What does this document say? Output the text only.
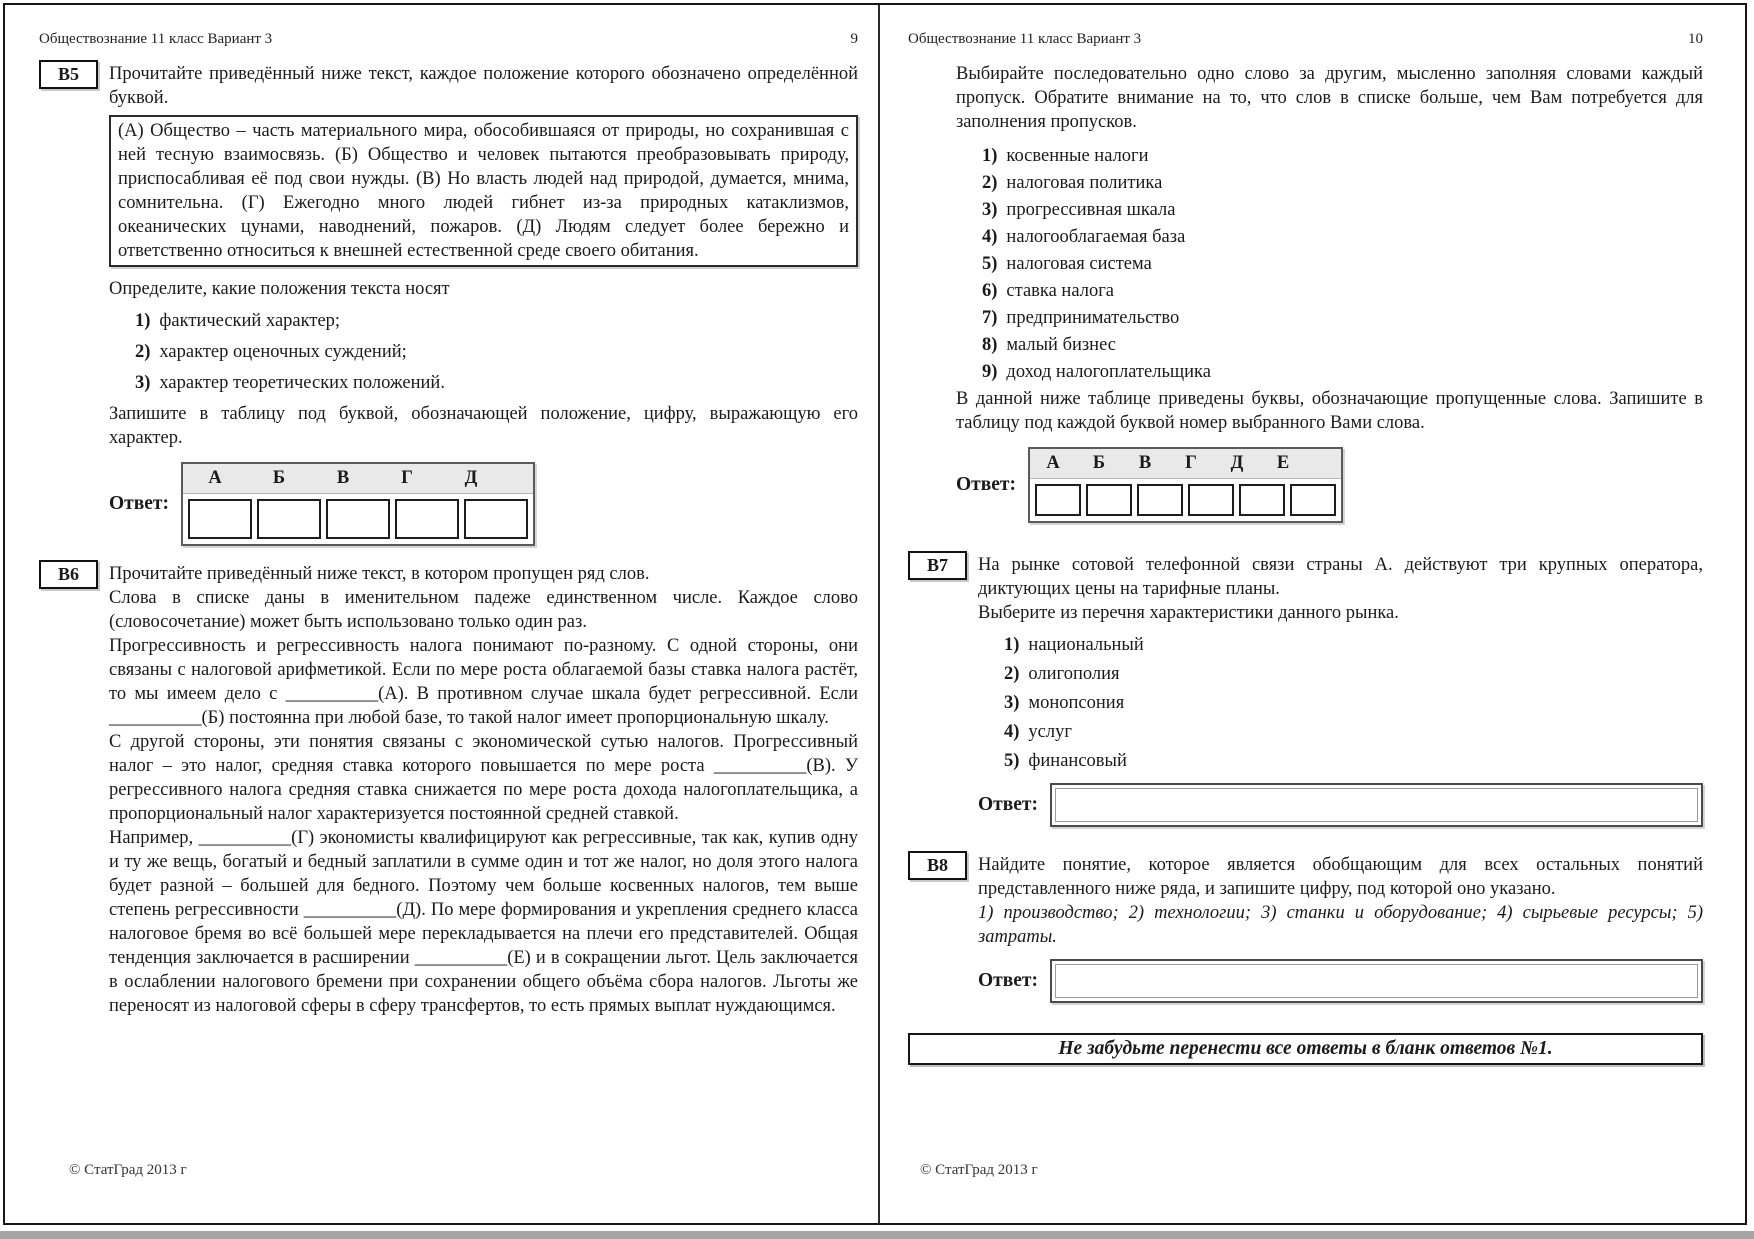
Обществознание 11 класс Вариант 3	9
В5	Прочитайте приведённый ниже текст, каждое положение которого обозначено определённой буквой.

(А) Общество – часть материального мира, обособившаяся от природы, но сохранившая с ней тесную взаимосвязь. (Б) Общество и человек пытаются преобразовывать природу, приспосабливая её под свои нужды. (В) Но власть людей над природой, думается, мнима, сомнительна. (Г) Ежегодно много людей гибнет из-за природных катаклизмов, океанических цунами, наводнений, пожаров. (Д) Людям следует более бережно и ответственно относиться к внешней естественной среде своего обитания.

Определите, какие положения текста носят

1) фактический характер;
2) характер оценочных суждений;
3) характер теоретических положений.

Запишите в таблицу под буквой, обозначающей положение, цифру, выражающую его характер.

Ответ:
А	Б	В	Г	Д
В6	Прочитайте приведённый ниже текст, в котором пропущен ряд слов.

Слова в списке даны в именительном падеже единственном числе. Каждое слово (словосочетание) может быть использовано только один раз.

Прогрессивность и регрессивность налога понимают по-разному. С одной стороны, они связаны с налоговой арифметикой. Если по мере роста облагаемой базы ставка налога растёт, то мы имеем дело с __________(А). В противном случае шкала будет регрессивной. Если __________(Б) постоянна при любой базе, то такой налог имеет пропорциональную шкалу.

С другой стороны, эти понятия связаны с экономической сутью налогов. Прогрессивный налог – это налог, средняя ставка которого повышается по мере роста __________(В). У регрессивного налога средняя ставка снижается по мере роста дохода налогоплательщика, а пропорциональный налог характеризуется постоянной средней ставкой.

Например, __________(Г) экономисты квалифицируют как регрессивные, так как, купив одну и ту же вещь, богатый и бедный заплатили в сумме один и тот же налог, но доля этого налога будет разной – большей для бедного. Поэтому чем больше косвенных налогов, тем выше степень регрессивности __________(Д). По мере формирования и укрепления среднего класса налоговое бремя во всё большей мере перекладывается на плечи его представителей. Общая тенденция заключается в расширении __________(Е) и в сокращении льгот. Цель заключается в ослаблении налогового бремени при сохранении общего объёма сбора налогов. Льготы же переносят из налоговой сферы в сферу трансфертов, то есть прямых выплат нуждающимся.

© СтатГрад 2013 г
Обществознание 11 класс Вариант 3	10

Выбирайте последовательно одно слово за другим, мысленно заполняя словами каждый пропуск. Обратите внимание на то, что слов в списке больше, чем Вам потребуется для заполнения пропусков.

1) косвенные налоги
2) налоговая политика
3) прогрессивная шкала
4) налогооблагаемая база
5) налоговая система
6) ставка налога
7) предпринимательство
8) малый бизнес
9) доход налогоплательщика

В данной ниже таблице приведены буквы, обозначающие пропущенные слова. Запишите в таблицу под каждой буквой номер выбранного Вами слова.

Ответ:
А	Б	В	Г	Д	Е
В7	На рынке сотовой телефонной связи страны А. действуют три крупных оператора, диктующих цены на тарифные планы.

Выберите из перечня характеристики данного рынка.

1) национальный
2) олигополия
3) монопсония
4) услуг
5) финансовый
Ответ:
В8	Найдите понятие, которое является обобщающим для всех остальных понятий представленного ниже ряда, и запишите цифру, под которой оно указано.

1) производство; 2) технологии; 3) станки и оборудование; 4) сырьевые ресурсы; 5) затраты.

Ответ:
Не забудьте перенести все ответы в бланк ответов №1.
© СтатГрад 2013 г
